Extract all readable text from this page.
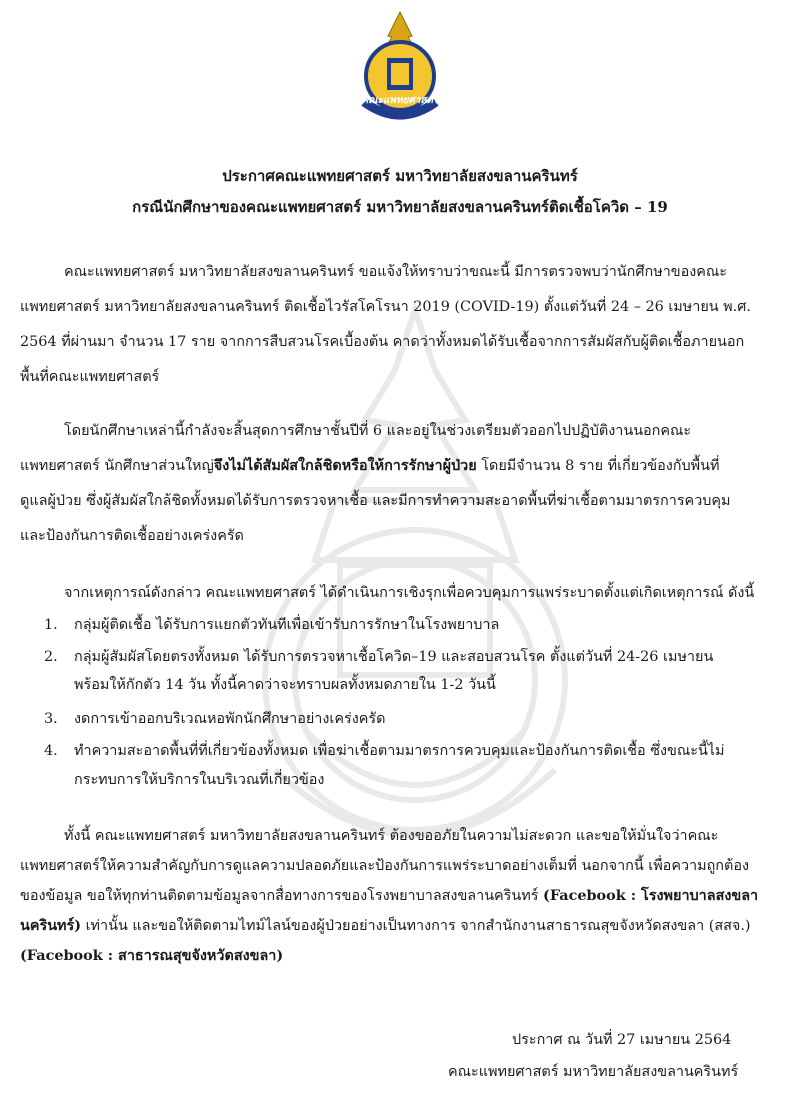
คณะแพทยศาสตร์
ประกาศคณะแพทยศาสตร์ มหาวิทยาลัยสงขลานครินทร์
กรณีนักศึกษาของคณะแพทยศาสตร์ มหาวิทยาลัยสงขลานครินทร์ติดเชื้อโควิด – 19
คณะแพทยศาสตร์ มหาวิทยาลัยสงขลานครินทร์ ขอแจ้งให้ทราบว่าขณะนี้ มีการตรวจพบว่านักศึกษาของคณะ
แพทยศาสตร์ มหาวิทยาลัยสงขลานครินทร์ ติดเชื้อไวรัสโคโรนา 2019 (COVID-19) ตั้งแต่วันที่ 24 – 26 เมษายน พ.ศ.
2564 ที่ผ่านมา จำนวน 17 ราย จากการสืบสวนโรคเบื้องต้น คาดว่าทั้งหมดได้รับเชื้อจากการสัมผัสกับผู้ติดเชื้อภายนอก
พื้นที่คณะแพทยศาสตร์
โดยนักศึกษาเหล่านี้กำลังจะสิ้นสุดการศึกษาชั้นปีที่ 6 และอยู่ในช่วงเตรียมตัวออกไปปฏิบัติงานนอกคณะ
แพทยศาสตร์ นักศึกษาส่วนใหญ่จึงไม่ได้สัมผัสใกล้ชิดหรือให้การรักษาผู้ป่วย โดยมีจำนวน 8 ราย ที่เกี่ยวข้องกับพื้นที่
ดูแลผู้ป่วย ซึ่งผู้สัมผัสใกล้ชิดทั้งหมดได้รับการตรวจหาเชื้อ และมีการทำความสะอาดพื้นที่ฆ่าเชื้อตามมาตรการควบคุม
และป้องกันการติดเชื้ออย่างเคร่งครัด
จากเหตุการณ์ดังกล่าว คณะแพทยศาสตร์ ได้ดำเนินการเชิงรุกเพื่อควบคุมการแพร่ระบาดตั้งแต่เกิดเหตุการณ์ ดังนี้
1. กลุ่มผู้ติดเชื้อ ได้รับการแยกตัวทันทีเพื่อเข้ารับการรักษาในโรงพยาบาล
2. กลุ่มผู้สัมผัสโดยตรงทั้งหมด ได้รับการตรวจหาเชื้อโควิด–19 และสอบสวนโรค ตั้งแต่วันที่ 24-26 เมษายน
พร้อมให้กักตัว 14 วัน ทั้งนี้คาดว่าจะทราบผลทั้งหมดภายใน 1-2 วันนี้
3. งดการเข้าออกบริเวณหอพักนักศึกษาอย่างเคร่งครัด
4. ทำความสะอาดพื้นที่ที่เกี่ยวข้องทั้งหมด เพื่อฆ่าเชื้อตามมาตรการควบคุมและป้องกันการติดเชื้อ ซึ่งขณะนี้ไม่
กระทบการให้บริการในบริเวณที่เกี่ยวข้อง
ทั้งนี้ คณะแพทยศาสตร์ มหาวิทยาลัยสงขลานครินทร์ ต้องขออภัยในความไม่สะดวก และขอให้มั่นใจว่าคณะ
แพทยศาสตร์ให้ความสำคัญกับการดูแลความปลอดภัยและป้องกันการแพร่ระบาดอย่างเต็มที่ นอกจากนี้ เพื่อความถูกต้อง
ของข้อมูล ขอให้ทุกท่านติดตามข้อมูลจากสื่อทางการของโรงพยาบาลสงขลานครินทร์ (Facebook : โรงพยาบาลสงขลา
นครินทร์) เท่านั้น และขอให้ติดตามไทม์ไลน์ของผู้ป่วยอย่างเป็นทางการ จากสำนักงานสาธารณสุขจังหวัดสงขลา (สสจ.)
(Facebook : สาธารณสุขจังหวัดสงขลา)
ประกาศ ณ วันที่ 27 เมษายน 2564
คณะแพทยศาสตร์ มหาวิทยาลัยสงขลานครินทร์
